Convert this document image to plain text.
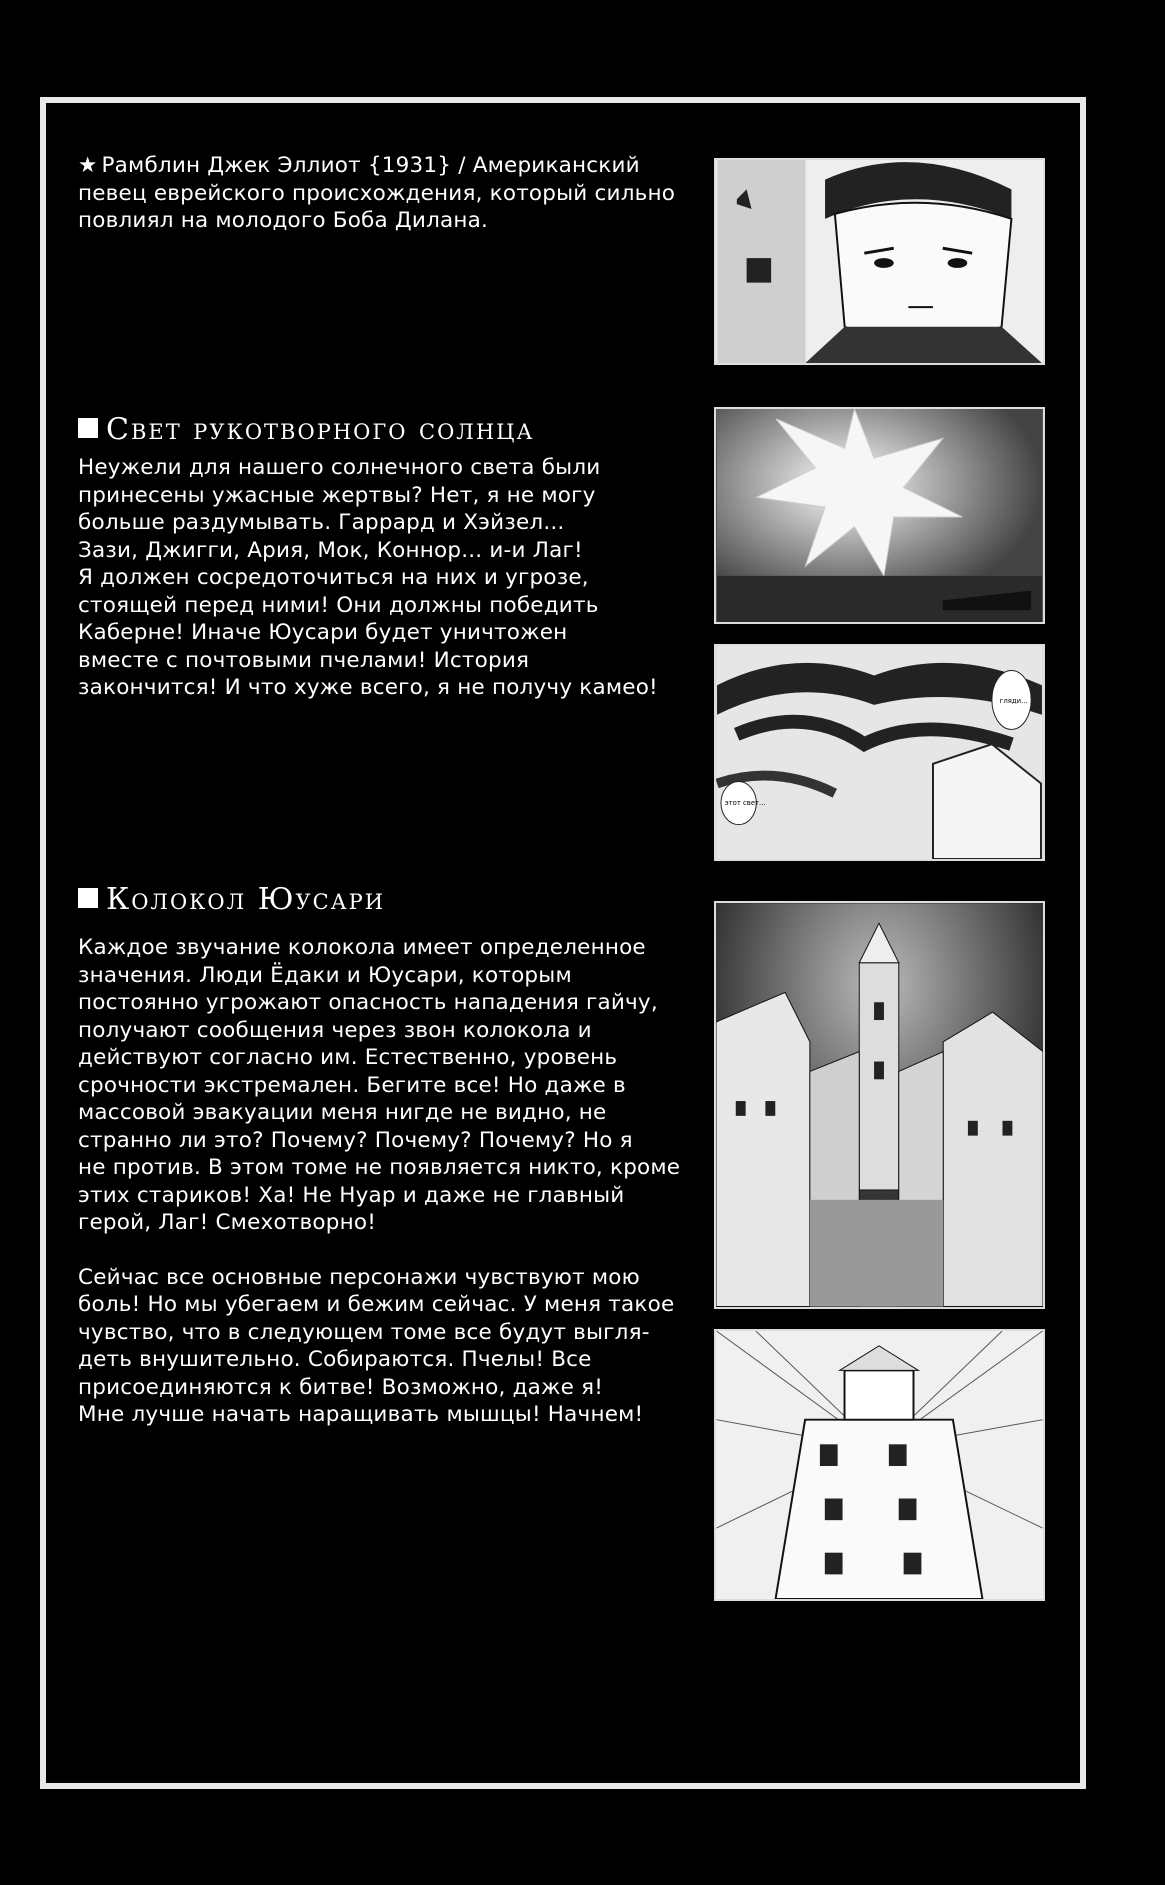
★ Рамблин Джек Эллиот {1931} / Американский
певец еврейского происхождения, который сильно
повлиял на молодого Боба Дилана.

Свет рукотворного солнца

Неужели для нашего солнечного света были
принесены ужасные жертвы? Нет, я не могу
больше раздумывать. Гаррард и Хэйзел...
Зази, Джигги, Ария, Мок, Коннор... и-и Лаг!
Я должен сосредоточиться на них и угрозе,
стоящей перед ними! Они должны победить
Каберне! Иначе Юусари будет уничтожен
вместе с почтовыми пчелами! История
закончится! И что хуже всего, я не получу камео!

Колокол Юусари

Каждое звучание колокола имеет определенное
значения. Люди Ёдаки и Юусари, которым
постоянно угрожают опасность нападения гайчу,
получают сообщения через звон колокола и
действуют согласно им. Естественно, уровень
срочности экстремален. Бегите все! Но даже в
массовой эвакуации меня нигде не видно, не
странно ли это? Почему? Почему? Почему? Но я
не против. В этом томе не появляется никто, кроме
этих стариков! Ха! Не Нуар и даже не главный
герой, Лаг! Смехотворно!

Сейчас все основные персонажи чувствуют мою
боль! Но мы убегаем и бежим сейчас. У меня такое
чувство, что в следующем томе все будут выгля-
деть внушительно. Собираются. Пчелы! Все
присоединяются к битве! Возможно, даже я!
Мне лучше начать наращивать мышцы! Начнем!

гляди...
этот свет...
